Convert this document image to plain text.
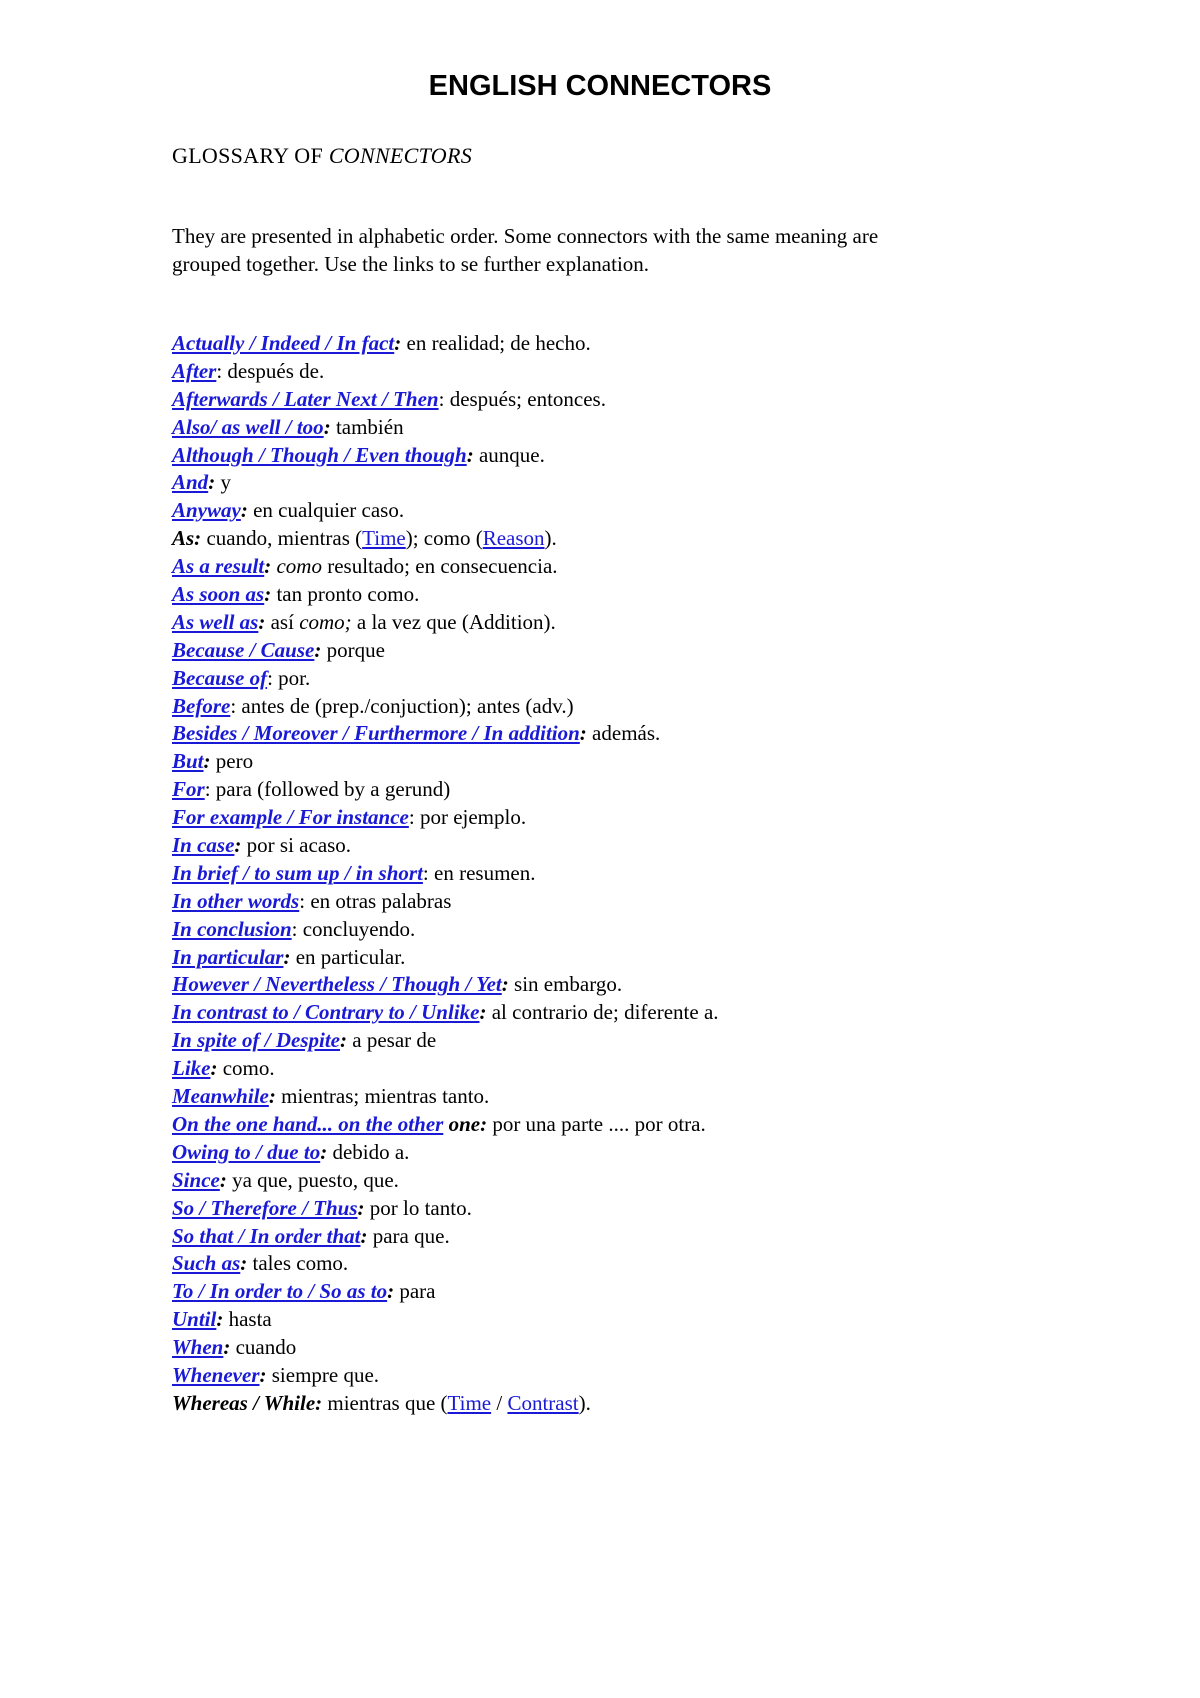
ENGLISH CONNECTORS
GLOSSARY OF CONNECTORS
They are presented in alphabetic order. Some connectors with the same meaning are
grouped together. Use the links to se further explanation.
Actually / Indeed / In fact: en realidad; de hecho.
After: después de.
Afterwards / Later Next / Then: después; entonces.
Also/ as well / too: también
Although / Though / Even though: aunque.
And: y
Anyway: en cualquier caso.
As: cuando, mientras (Time); como (Reason).
As a result: como resultado; en consecuencia.
As soon as: tan pronto como.
As well as: así como; a la vez que (Addition).
Because / Cause: porque
Because of: por.
Before: antes de (prep./conjuction); antes (adv.)
Besides / Moreover / Furthermore / In addition: además.
But: pero
For: para (followed by a gerund)
For example / For instance: por ejemplo.
In case: por si acaso.
In brief / to sum up / in short: en resumen.
In other words: en otras palabras
In conclusion: concluyendo.
In particular: en particular.
However / Nevertheless / Though / Yet: sin embargo.
In contrast to / Contrary to / Unlike: al contrario de; diferente a.
In spite of / Despite: a pesar de
Like: como.
Meanwhile: mientras; mientras tanto.
On the one hand... on the other one: por una parte .... por otra.
Owing to / due to: debido a.
Since: ya que, puesto, que.
So / Therefore / Thus: por lo tanto.
So that / In order that: para que.
Such as: tales como.
To / In order to / So as to: para
Until: hasta
When: cuando
Whenever: siempre que.
Whereas / While: mientras que (Time / Contrast).
